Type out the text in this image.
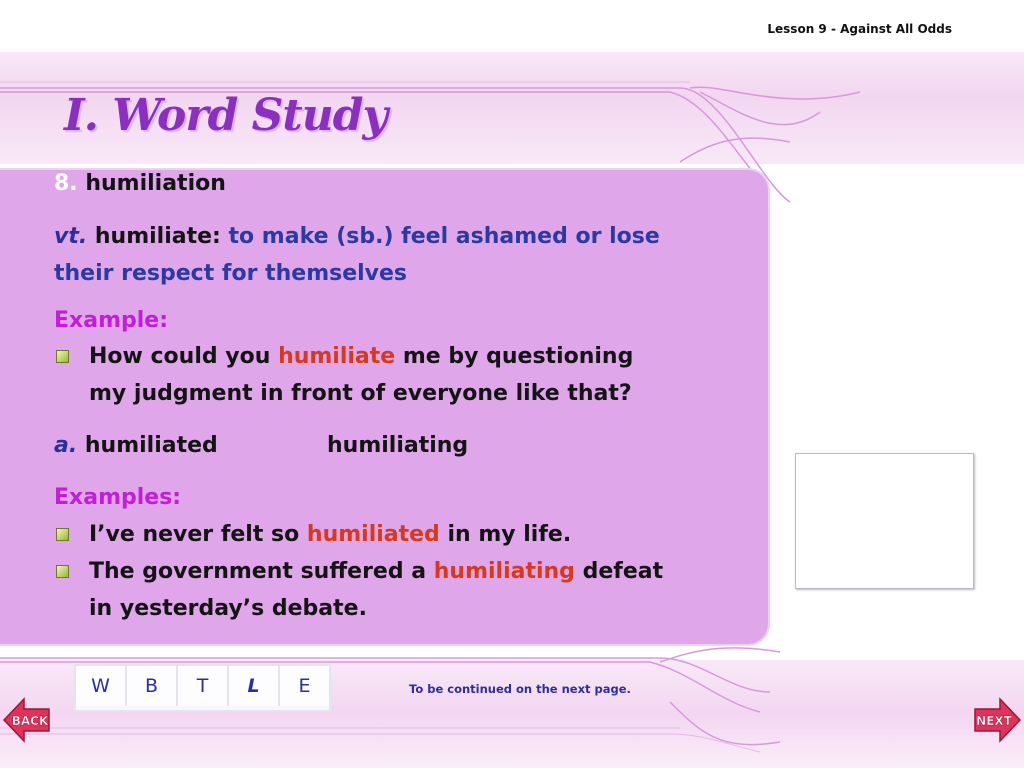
Lesson 9 - Against All Odds
I. Word Study
8. humiliation
vt. humiliate: to make (sb.) feel ashamed or lose
their respect for themselves
Example:
How could you humiliate me by questioning
my judgment in front of everyone like that?
a. humiliated	humiliating
Examples:
I’ve never felt so humiliated in my life.
The government suffered a humiliating defeat
in yesterday’s debate.
W	B	T	L	E	To be continued on the next page.
BACK	NEXT
